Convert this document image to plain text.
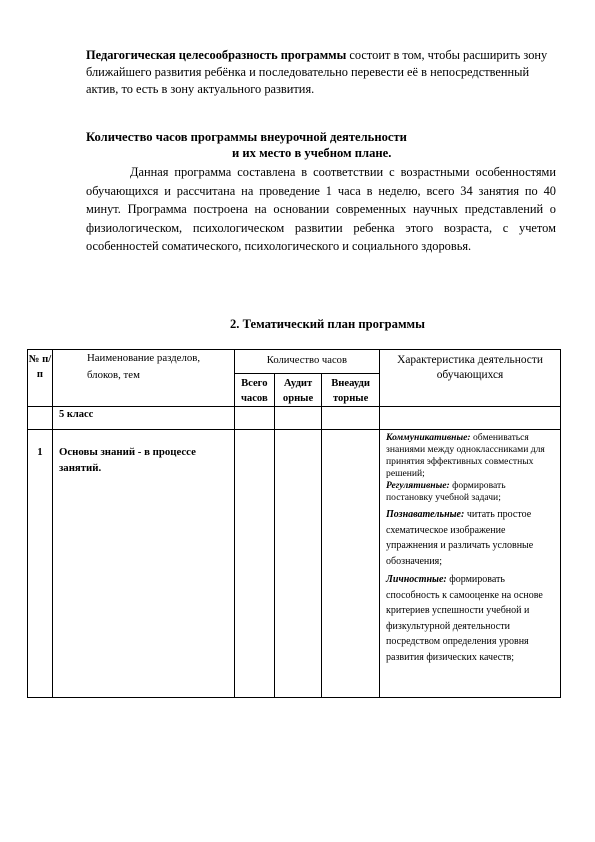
Педагогическая целесообразность программы состоит в том, чтобы расширить зону ближайшего развития ребёнка и последовательно перевести её в непосредственный актив, то есть в зону актуального развития.
Количество часов программы внеурочной деятельности
и их место в учебном плане.
Данная программа составлена в соответствии с возрастными особенностями обучающихся и рассчитана на проведение 1 часа в неделю, всего 34 занятия по 40 минут. Программа построена на основании современных научных представлений о физиологическом, психологическом развитии ребенка этого возраста, с учетом особенностей соматического, психологического и социального здоровья.
2. Тематический план программы
№ п/п	Наименование разделов, блоков, тем	Количество часов			Характеристика деятельности обучающихся
		Всего часов	Аудит орные	Внеауди торные	
	5 класс				
1	Основы знаний - в процессе занятий.				Коммуникативные: обмениваться знаниями между одноклассниками для принятия эффективных совместных решений;

Регулятивные: формировать постановку учебной задачи;

Познавательные: читать простое схематическое изображение упражнения и различать условные обозначения;

Личностные: формировать способность к самооценке на основе критериев успешности учебной и физкультурной деятельности посредством определения уровня развития физических качеств;
